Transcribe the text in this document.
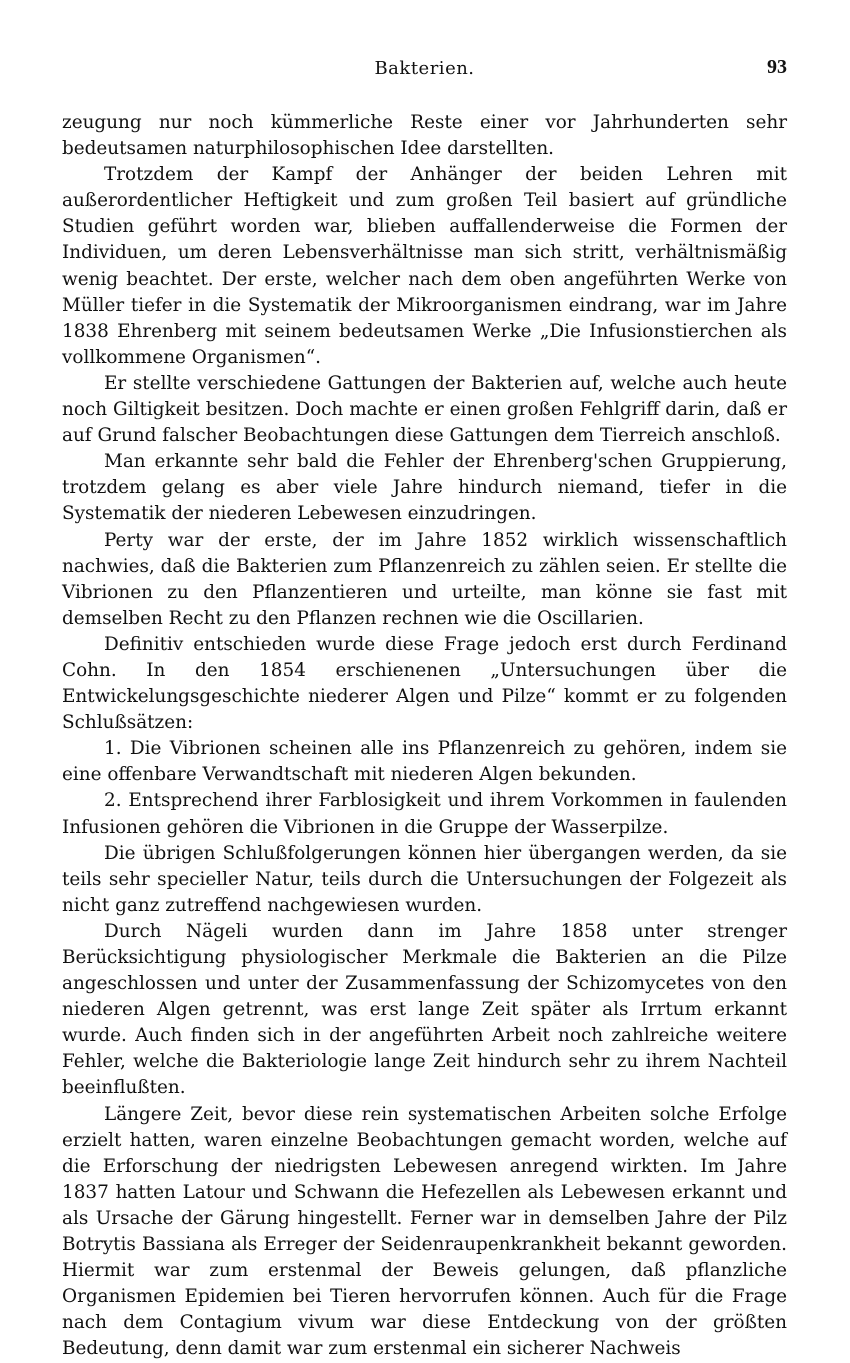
Bakterien.	93

zeugung nur noch kümmerliche Reste einer vor Jahrhunderten sehr bedeutsamen naturphilosophischen Idee darstellten.

Trotzdem der Kampf der Anhänger der beiden Lehren mit außerordentlicher Heftigkeit und zum großen Teil basiert auf gründliche Studien geführt worden war, blieben auffallenderweise die Formen der Individuen, um deren Lebensverhältnisse man sich stritt, verhältnismäßig wenig beachtet. Der erste, welcher nach dem oben angeführten Werke von Müller tiefer in die Systematik der Mikroorganismen eindrang, war im Jahre 1838 Ehrenberg mit seinem bedeutsamen Werke „Die Infusionstierchen als vollkommene Organismen“.

Er stellte verschiedene Gattungen der Bakterien auf, welche auch heute noch Giltigkeit besitzen. Doch machte er einen großen Fehlgriff darin, daß er auf Grund falscher Beobachtungen diese Gattungen dem Tierreich anschloß.

Man erkannte sehr bald die Fehler der Ehrenberg'schen Gruppierung, trotzdem gelang es aber viele Jahre hindurch niemand, tiefer in die Systematik der niederen Lebewesen einzudringen.

Perty war der erste, der im Jahre 1852 wirklich wissenschaftlich nachwies, daß die Bakterien zum Pflanzenreich zu zählen seien. Er stellte die Vibrionen zu den Pflanzentieren und urteilte, man könne sie fast mit demselben Recht zu den Pflanzen rechnen wie die Oscillarien.

Definitiv entschieden wurde diese Frage jedoch erst durch Ferdinand Cohn. In den 1854 erschienenen „Untersuchungen über die Entwickelungsgeschichte niederer Algen und Pilze“ kommt er zu folgenden Schlußsätzen:

1. Die Vibrionen scheinen alle ins Pflanzenreich zu gehören, indem sie eine offenbare Verwandtschaft mit niederen Algen bekunden.

2. Entsprechend ihrer Farblosigkeit und ihrem Vorkommen in faulenden Infusionen gehören die Vibrionen in die Gruppe der Wasserpilze.

Die übrigen Schlußfolgerungen können hier übergangen werden, da sie teils sehr specieller Natur, teils durch die Untersuchungen der Folgezeit als nicht ganz zutreffend nachgewiesen wurden.

Durch Nägeli wurden dann im Jahre 1858 unter strenger Berücksichtigung physiologischer Merkmale die Bakterien an die Pilze angeschlossen und unter der Zusammenfassung der Schizomycetes von den niederen Algen getrennt, was erst lange Zeit später als Irrtum erkannt wurde. Auch finden sich in der angeführten Arbeit noch zahlreiche weitere Fehler, welche die Bakteriologie lange Zeit hindurch sehr zu ihrem Nachteil beeinflußten.

Längere Zeit, bevor diese rein systematischen Arbeiten solche Erfolge erzielt hatten, waren einzelne Beobachtungen gemacht worden, welche auf die Erforschung der niedrigsten Lebewesen anregend wirkten. Im Jahre 1837 hatten Latour und Schwann die Hefezellen als Lebewesen erkannt und als Ursache der Gärung hingestellt. Ferner war in demselben Jahre der Pilz Botrytis Bassiana als Erreger der Seidenraupenkrankheit bekannt geworden. Hiermit war zum erstenmal der Beweis gelungen, daß pflanzliche Organismen Epidemien bei Tieren hervorrufen können. Auch für die Frage nach dem Contagium vivum war diese Entdeckung von der größten Bedeutung, denn damit war zum erstenmal ein sicherer Nachweis
